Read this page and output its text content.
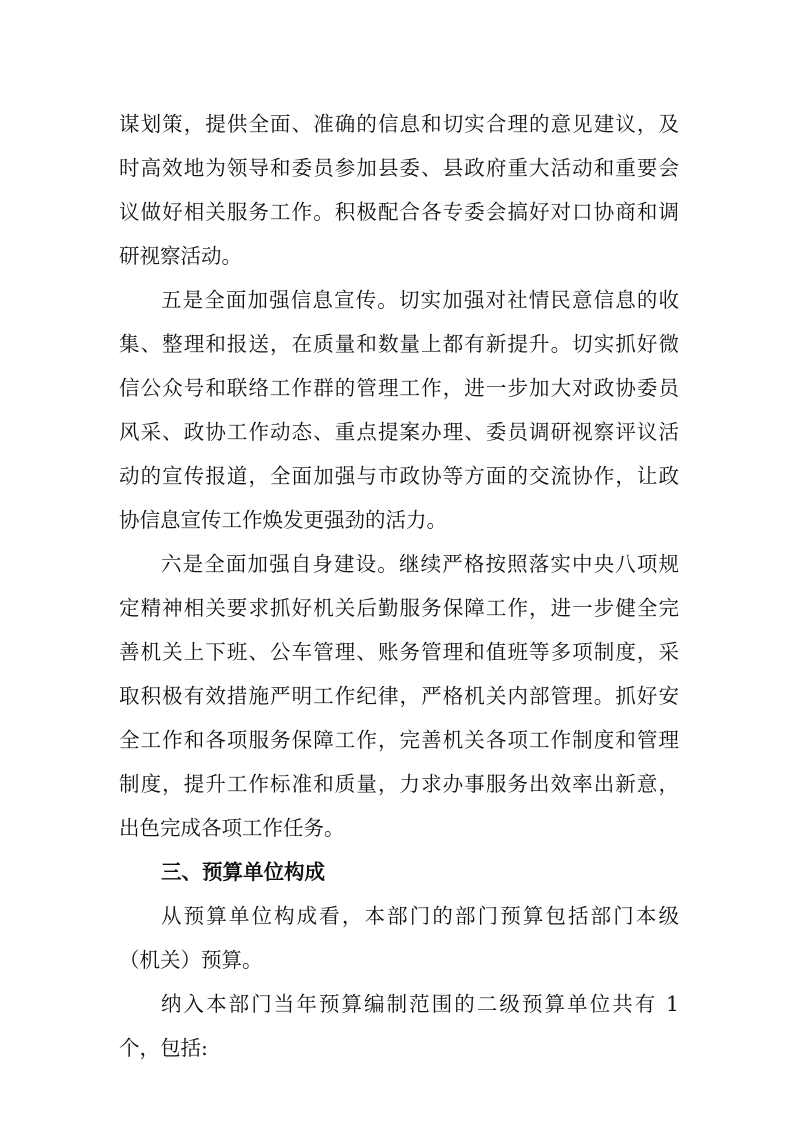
谋划策，提供全面、准确的信息和切实合理的意见建议，及
时高效地为领导和委员参加县委、县政府重大活动和重要会
议做好相关服务工作。积极配合各专委会搞好对口协商和调
研视察活动。
五是全面加强信息宣传。切实加强对社情民意信息的收
集、整理和报送，在质量和数量上都有新提升。切实抓好微
信公众号和联络工作群的管理工作，进一步加大对政协委员
风采、政协工作动态、重点提案办理、委员调研视察评议活
动的宣传报道，全面加强与市政协等方面的交流协作，让政
协信息宣传工作焕发更强劲的活力。
六是全面加强自身建设。继续严格按照落实中央八项规
定精神相关要求抓好机关后勤服务保障工作，进一步健全完
善机关上下班、公车管理、账务管理和值班等多项制度，采
取积极有效措施严明工作纪律，严格机关内部管理。抓好安
全工作和各项服务保障工作，完善机关各项工作制度和管理
制度，提升工作标准和质量，力求办事服务出效率出新意，
出色完成各项工作任务。
三、预算单位构成
从预算单位构成看，本部门的部门预算包括部门本级
（机关）预算。
纳入本部门当年预算编制范围的二级预算单位共有 1
个，包括:
